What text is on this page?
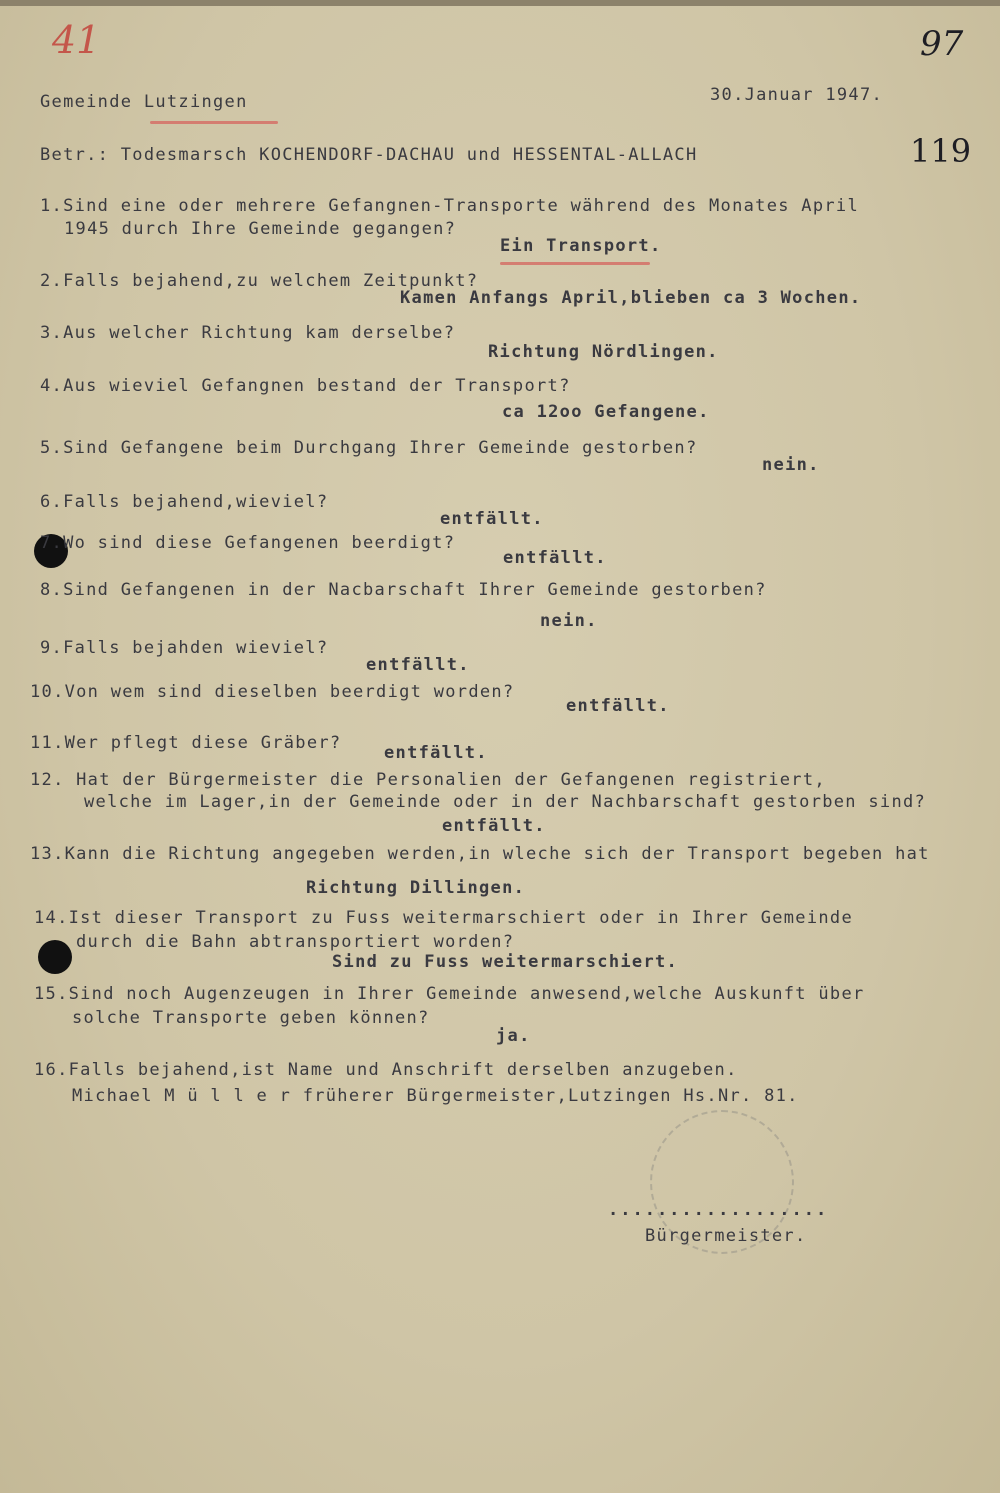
41	97
119
Gemeinde Lutzingen	30.Januar 1947.
Betr.: Todesmarsch KOCHENDORF-DACHAU und HESSENTAL-ALLACH
1.Sind eine oder mehrere Gefangnen-Transporte während des Monates April
1945 durch Ihre Gemeinde gegangen?
Ein Transport.
2.Falls bejahend,zu welchem Zeitpunkt?
Kamen Anfangs April,blieben ca 3 Wochen.
3.Aus welcher Richtung kam derselbe?
Richtung Nördlingen.
4.Aus wieviel Gefangnen bestand der Transport?
ca 12oo Gefangene.
5.Sind Gefangene beim Durchgang Ihrer Gemeinde gestorben?
nein.
6.Falls bejahend,wieviel?
entfällt.
7.Wo sind diese Gefangenen beerdigt?
entfällt.
8.Sind Gefangenen in der Nacbarschaft Ihrer Gemeinde gestorben?
nein.
9.Falls bejahden wieviel?
entfällt.
10.Von wem sind dieselben beerdigt worden?
entfällt.
11.Wer pflegt diese Gräber?	entfällt.
12. Hat der Bürgermeister die Personalien der Gefangenen registriert,
welche im Lager,in der Gemeinde oder in der Nachbarschaft gestorben sind?
entfällt.
13.Kann die Richtung angegeben werden,in wleche sich der Transport begeben hat
Richtung Dillingen.
14.Ist dieser Transport zu Fuss weitermarschiert oder in Ihrer Gemeinde
durch die Bahn abtransportiert worden?
Sind zu Fuss weitermarschiert.
15.Sind noch Augenzeugen in Ihrer Gemeinde anwesend,welche Auskunft über
solche Transporte geben können?
ja.
16.Falls bejahend,ist Name und Anschrift derselben anzugeben.
Michael M ü l l e r früherer Bürgermeister,Lutzingen Hs.Nr. 81.
..................
Bürgermeister.
